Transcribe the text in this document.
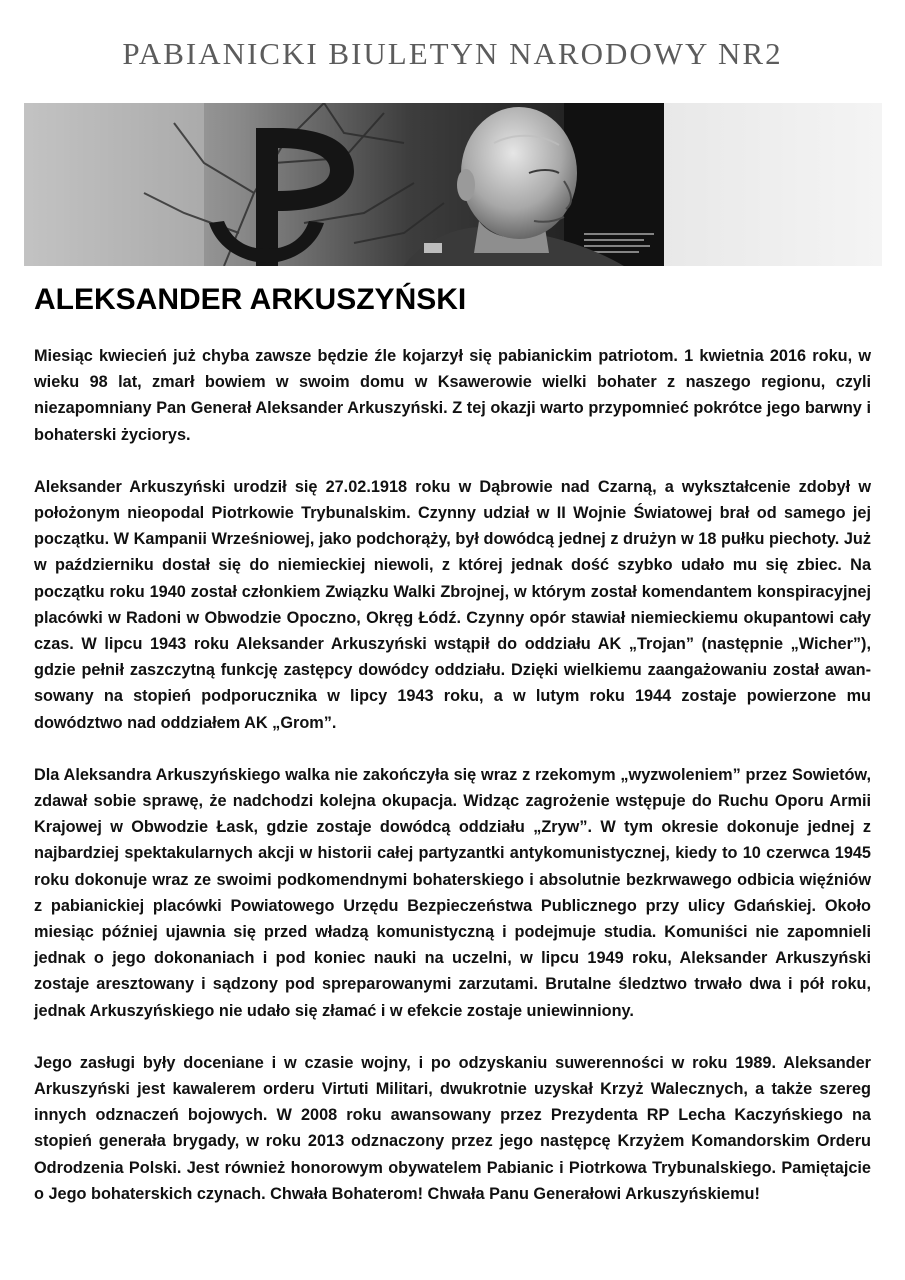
PABIANICKI BIULETYN NARODOWY NR2
ALEKSANDER ARKUSZYŃSKI

Miesiąc kwiecień już chyba zawsze będzie źle kojarzył się pabianickim patriotom. 1 kwietnia 2016 roku, w wieku 98 lat, zmarł bowiem w swoim domu w Ksawerowie wielki bohater z naszego regionu, czyli niezapomniany Pan Generał Aleksander Arkuszyński. Z tej okazji warto przypomnieć pokrótce jego barwny i bohaterski życiorys.

Aleksander Arkuszyński urodził się 27.02.1918 roku w Dąbrowie nad Czarną, a wykształcenie zdobył w położonym nieopodal Piotrkowie Trybunalskim. Czynny udział w II Wojnie Światowej brał od samego jej początku. W Kampanii Wrześniowej, jako podchorąży, był dowódcą jednej z drużyn w 18 pułku piechoty. Już w październiku dostał się do niemieckiej niewoli, z której jednak dość szybko udało mu się zbiec. Na początku roku 1940 został członkiem Związku Walki Zbrojnej, w którym został komendantem konspiracyjnej placówki w Radoni w Obwodzie Opoczno, Okręg Łódź. Czynny opór stawiał niemieckiemu okupantowi cały czas. W lipcu 1943 roku Aleksander Arkuszyński wstąpił do oddziału AK „Trojan” (następnie „Wicher”), gdzie pełnił zaszczytną funkcję zastępcy dowódcy oddziału. Dzięki wielkiemu zaangażowaniu został awansowany na stopień podporucznika w lipcy 1943 roku, a w lutym roku 1944 zostaje powierzone mu dowództwo nad oddziałem AK „Grom”.

Dla Aleksandra Arkuszyńskiego walka nie zakończyła się wraz z rzekomym „wyzwoleniem” przez Sowietów, zdawał sobie sprawę, że nadchodzi kolejna okupacja. Widząc zagrożenie wstępuje do Ruchu Oporu Armii Krajowej w Obwodzie Łask, gdzie zostaje dowódcą oddziału „Zryw”. W tym okresie dokonuje jednej z najbardziej spektakularnych akcji w historii całej partyzantki antykomunistycznej, kiedy to 10 czerwca 1945 roku dokonuje wraz ze swoimi podkomendnymi bohaterskiego i absolutnie bezkrwawego odbicia więźniów z pabianickiej placówki Powiatowego Urzędu Bezpieczeństwa Publicznego przy ulicy Gdańskiej. Około miesiąc później ujawnia się przed władzą komunistyczną i podejmuje studia. Komuniści nie zapomnieli jednak o jego dokonaniach i pod koniec nauki na uczelni, w lipcu 1949 roku, Aleksander Arkuszyński zostaje aresztowany i sądzony pod spreparowanymi zarzutami. Brutalne śledztwo trwało dwa i pół roku, jednak Arkuszyńskiego nie udało się złamać i w efekcie zostaje uniewinniony.

Jego zasługi były doceniane i w czasie wojny, i po odzyskaniu suwerenności w roku 1989. Aleksander Arkuszyński jest kawalerem orderu Virtuti Militari, dwukrotnie uzyskał Krzyż Walecznych, a także szereg innych odznaczeń bojowych. W 2008 roku awansowany przez Prezydenta RP Lecha Kaczyńskiego na stopień generała brygady, w roku 2013 odznaczony przez jego następcę Krzyżem Komandorskim Orderu Odrodzenia Polski. Jest również honorowym obywatelem Pabianic i Piotrkowa Trybunalskiego. Pamiętajcie o Jego bohaterskich czynach. Chwała Bohaterom! Chwała Panu Generałowi Arkuszyńskiemu!
